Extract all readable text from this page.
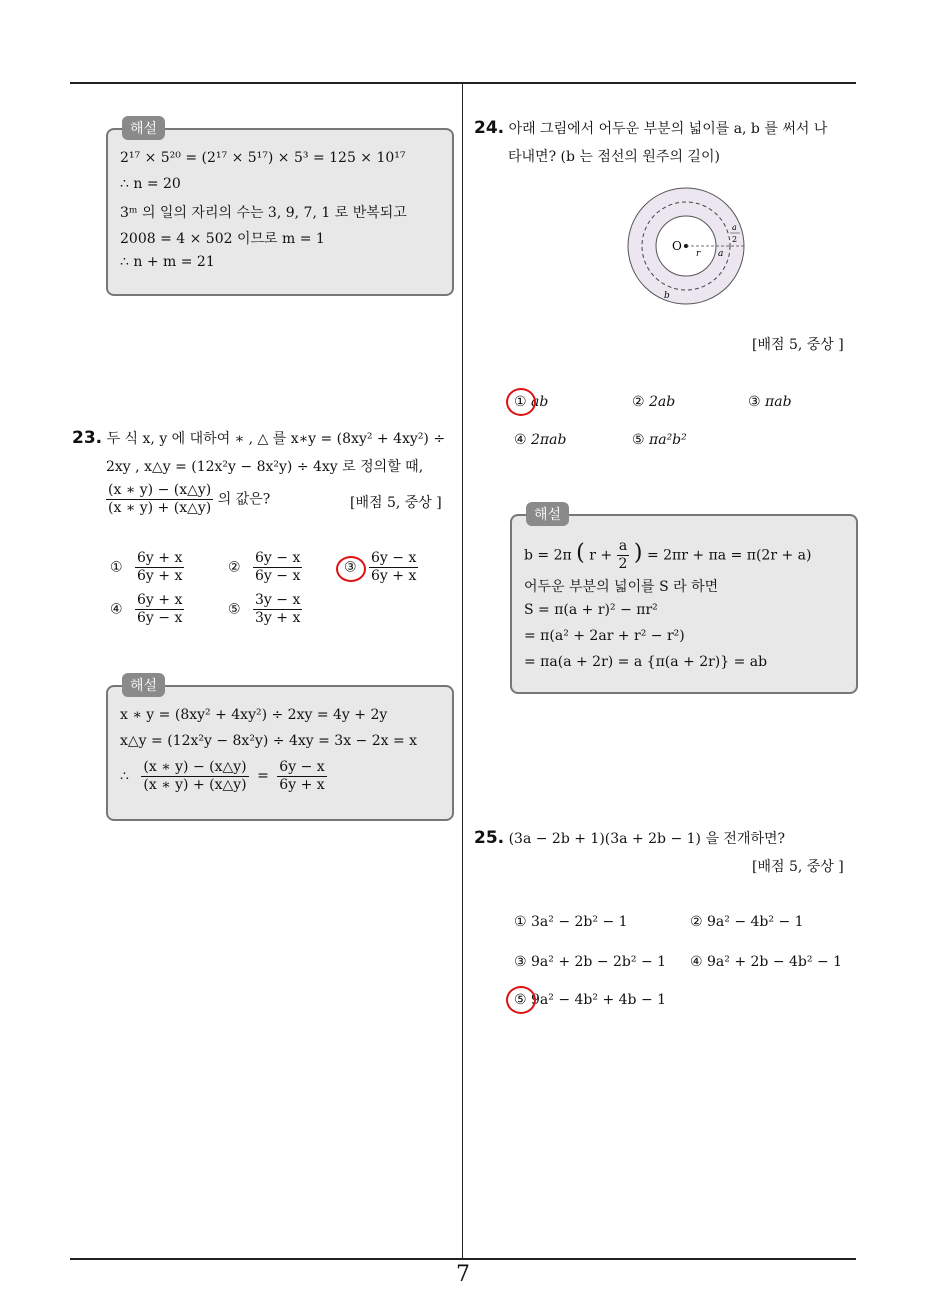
해설
2¹⁷ × 5²⁰ = (2¹⁷ × 5¹⁷) × 5³ = 125 × 10¹⁷
∴ n = 20
3ᵐ 의 일의 자리의 수는 3, 9, 7, 1 로 반복되고
2008 = 4 × 502 이므로 m = 1
∴ n + m = 21
23. 두 식 x, y 에 대하여 ∗ , △ 를 x∗y = (8xy² + 4xy²) ÷
2xy , x△y = (12x²y − 8x²y) ÷ 4xy 로 정의할 때,
$\frac{(x ∗ y) - (x\triangle y)}{(x ∗ y) + (x\triangle y)}$ 의 값은?	[배점 5, 중상 ]
① $\frac{6y + x}{6y + x}$	② $\frac{6y - x}{6y - x}$	③ $\frac{6y - x}{6y + x}$
④ $\frac{6y + x}{6y - x}$	⑤ $\frac{3y - x}{3y + x}$
해설
x ∗ y = (8xy² + 4xy²) ÷ 2xy = 4y + 2y
x△y = (12x²y − 8x²y) ÷ 4xy = 3x − 2x = x
∴ $\frac{(x ∗ y) - (x\triangle y)}{(x ∗ y) + (x\triangle y)} = \frac{6y - x}{6y + x}$
24. 아래 그림에서 어두운 부분의 넓이를 a, b 를 써서 나
타내면? (b 는 점선의 원주의 길이)
O
r a
a
2
b
[배점 5, 중상 ]
① ab	② 2ab	③ πab
④ 2πab	⑤ πa²b²
해설
b = 2π ( $r + \frac{a}{2}$ ) = 2πr + πa = π(2r + a)
어두운 부분의 넓이를 S 라 하면
S = π(a + r)² − πr²
= π(a² + 2ar + r² − r²)
= πa(a + 2r) = a {π(a + 2r)} = ab
25. (3a − 2b + 1)(3a + 2b − 1) 을 전개하면?
[배점 5, 중상 ]
① 3a² − 2b² − 1	② 9a² − 4b² − 1
③ 9a² + 2b − 2b² − 1 ④ 9a² + 2b − 4b² − 1
⑤ 9a² − 4b² + 4b − 1
7
